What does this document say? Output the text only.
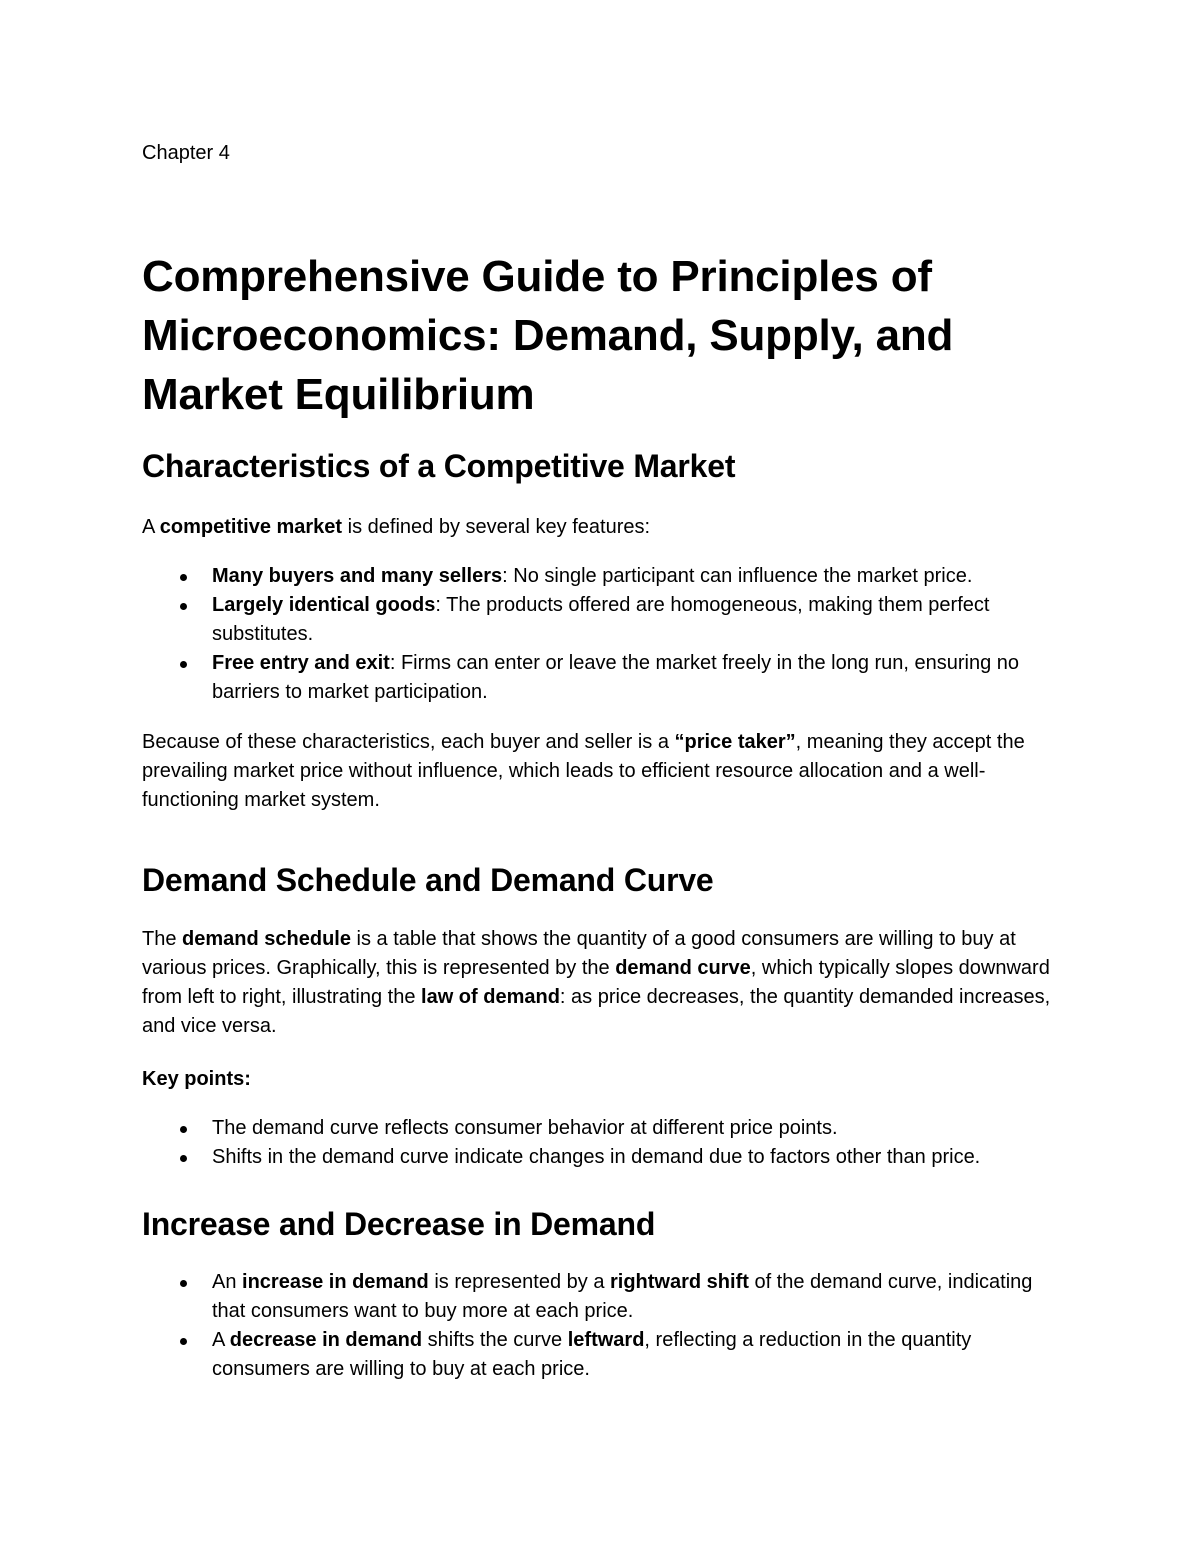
Chapter 4

Comprehensive Guide to Principles of Microeconomics: Demand, Supply, and Market Equilibrium
Characteristics of a Competitive Market

A competitive market is defined by several key features:

Many buyers and many sellers: No single participant can influence the market price.
Largely identical goods: The products offered are homogeneous, making them perfect substitutes.
Free entry and exit: Firms can enter or leave the market freely in the long run, ensuring no barriers to market participation.

Because of these characteristics, each buyer and seller is a “price taker”, meaning they accept the prevailing market price without influence, which leads to efficient resource allocation and a well-functioning market system.

Demand Schedule and Demand Curve

The demand schedule is a table that shows the quantity of a good consumers are willing to buy at various prices. Graphically, this is represented by the demand curve, which typically slopes downward from left to right, illustrating the law of demand: as price decreases, the quantity demanded increases, and vice versa.

Key points:

The demand curve reflects consumer behavior at different price points.
Shifts in the demand curve indicate changes in demand due to factors other than price.
Increase and Decrease in Demand
An increase in demand is represented by a rightward shift of the demand curve, indicating that consumers want to buy more at each price.
A decrease in demand shifts the curve leftward, reflecting a reduction in the quantity consumers are willing to buy at each price.
